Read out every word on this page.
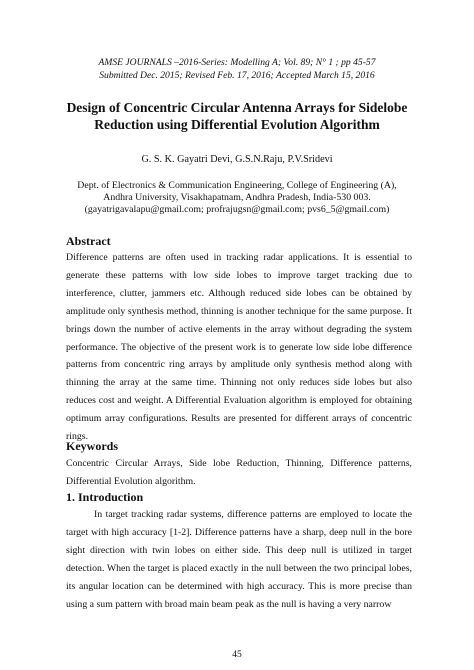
AMSE JOURNALS –2016-Series: Modelling A; Vol. 89; N° 1 ; pp 45-57
Submitted Dec. 2015; Revised Feb. 17, 2016; Accepted March 15, 2016
Design of Concentric Circular Antenna Arrays for Sidelobe Reduction using Differential Evolution Algorithm
G. S. K. Gayatri Devi, G.S.N.Raju, P.V.Sridevi
Dept. of Electronics & Communication Engineering, College of Engineering (A),
Andhra University, Visakhapatnam, Andhra Pradesh, India-530 003.
(gayatrigavalapu@gmail.com; profrajugsn@gmail.com; pvs6_5@gmail.com)
Abstract

Difference patterns are often used in tracking radar applications. It is essential to generate these patterns with low side lobes to improve target tracking due to interference, clutter, jammers etc. Although reduced side lobes can be obtained by amplitude only synthesis method, thinning is another technique for the same purpose. It brings down the number of active elements in the array without degrading the system performance. The objective of the present work is to generate low side lobe difference patterns from concentric ring arrays by amplitude only synthesis method along with thinning the array at the same time. Thinning not only reduces side lobes but also reduces cost and weight. A Differential Evaluation algorithm is employed for obtaining optimum array configurations. Results are presented for different arrays of concentric rings.

Keywords

Concentric Circular Arrays, Side lobe Reduction, Thinning, Difference patterns, Differential Evolution algorithm.

1. Introduction

In target tracking radar systems, difference patterns are employed to locate the target with high accuracy [1-2]. Difference patterns have a sharp, deep null in the bore sight direction with twin lobes on either side. This deep null is utilized in target detection. When the target is placed exactly in the null between the two principal lobes, its angular location can be determined with high accuracy. This is more precise than using a sum pattern with broad main beam peak as the null is having a very narrow

45
